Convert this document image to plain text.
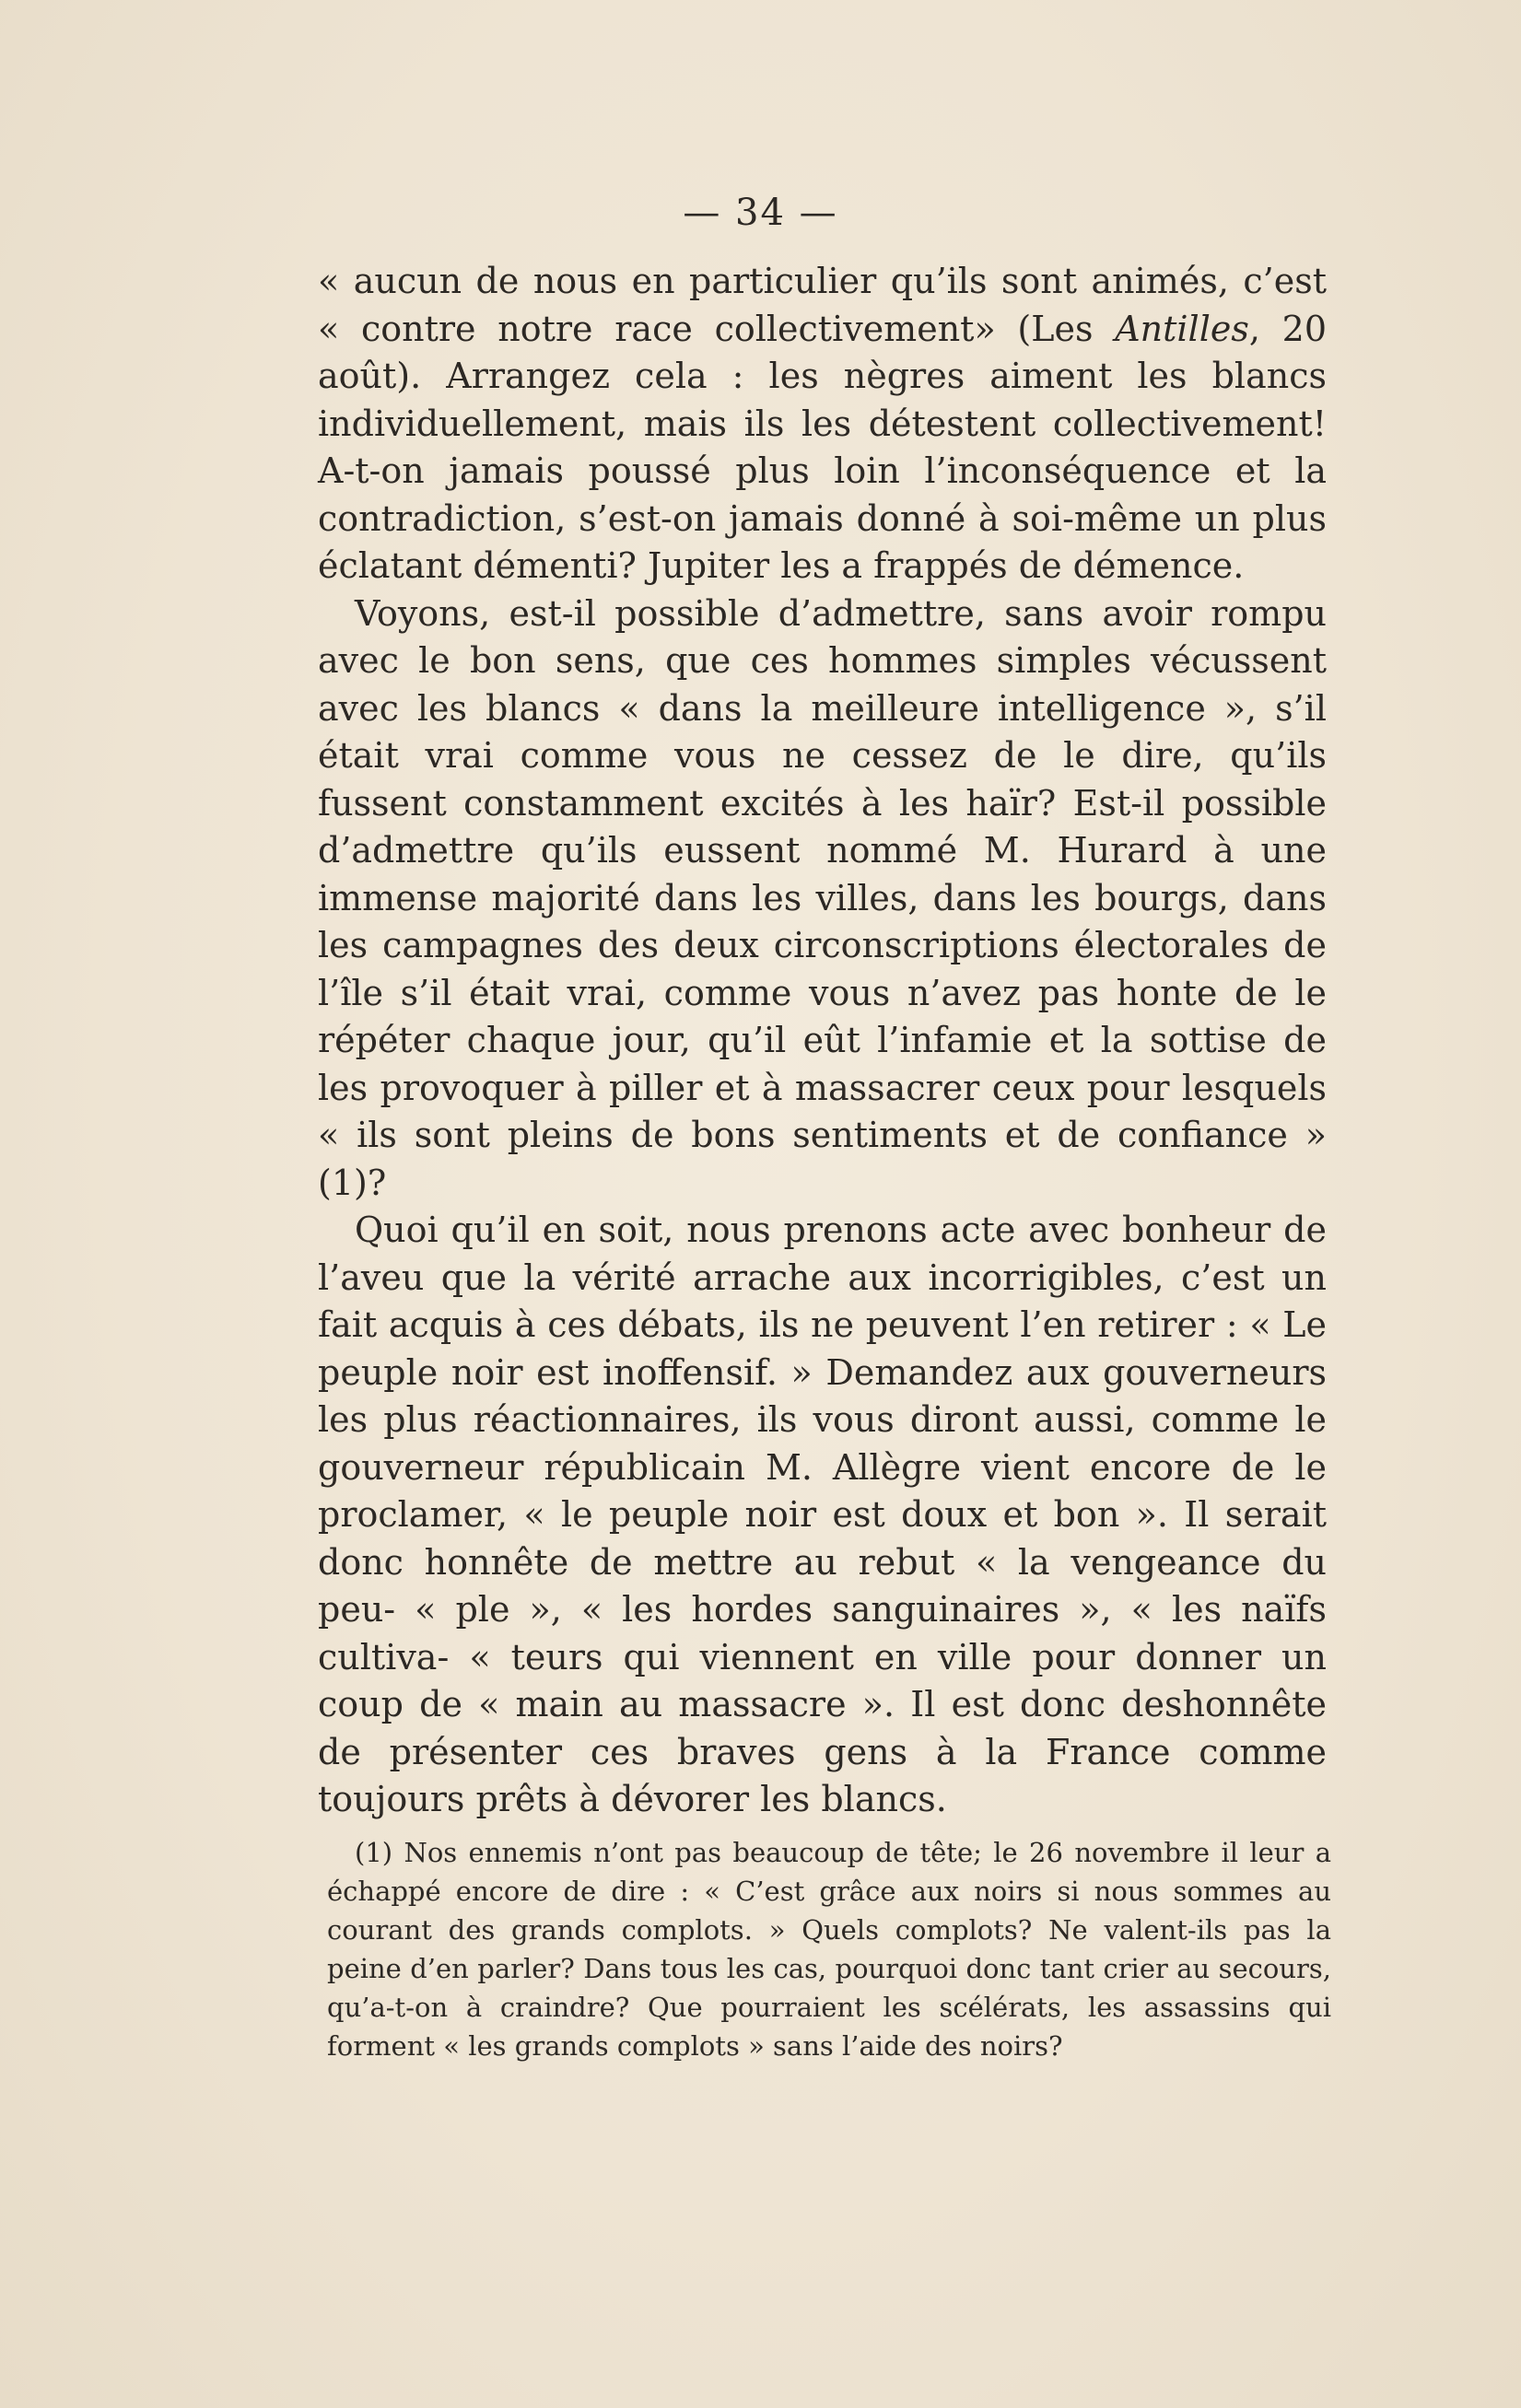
— 34 —

« aucun de nous en particulier qu’ils sont animés, c’est « contre notre race collectivement» (Les Antilles, 20 août). Arrangez cela : les nègres aiment les blancs individuellement, mais ils les détestent collectivement! A-t-on jamais poussé plus loin l’inconséquence et la contradiction, s’est-on jamais donné à soi-même un plus éclatant démenti? Jupiter les a frappés de démence.

Voyons, est-il possible d’admettre, sans avoir rompu avec le bon sens, que ces hommes simples vécussent avec les blancs « dans la meilleure intelligence », s’il était vrai comme vous ne cessez de le dire, qu’ils fussent constamment excités à les haïr? Est-il possible d’admettre qu’ils eussent nommé M. Hurard à une immense majorité dans les villes, dans les bourgs, dans les campagnes des deux circonscriptions électorales de l’île s’il était vrai, comme vous n’avez pas honte de le répéter chaque jour, qu’il eût l’infamie et la sottise de les provoquer à piller et à massacrer ceux pour lesquels « ils sont pleins de bons sentiments et de confiance » (1)?

Quoi qu’il en soit, nous prenons acte avec bonheur de l’aveu que la vérité arrache aux incorrigibles, c’est un fait acquis à ces débats, ils ne peuvent l’en retirer : « Le peuple noir est inoffensif. » Demandez aux gouverneurs les plus réactionnaires, ils vous diront aussi, comme le gouverneur républicain M. Allègre vient encore de le proclamer, « le peuple noir est doux et bon ». Il serait donc honnête de mettre au rebut « la vengeance du peu- « ple », « les hordes sanguinaires », « les naïfs cultiva- « teurs qui viennent en ville pour donner un coup de « main au massacre ». Il est donc deshonnête de présenter ces braves gens à la France comme toujours prêts à dévorer les blancs.

(1) Nos ennemis n’ont pas beaucoup de tête; le 26 novembre il leur a échappé encore de dire : « C’est grâce aux noirs si nous sommes au courant des grands complots. » Quels complots? Ne valent-ils pas la peine d’en parler? Dans tous les cas, pourquoi donc tant crier au secours, qu’a-t-on à craindre? Que pourraient les scélérats, les assassins qui forment « les grands complots » sans l’aide des noirs?
